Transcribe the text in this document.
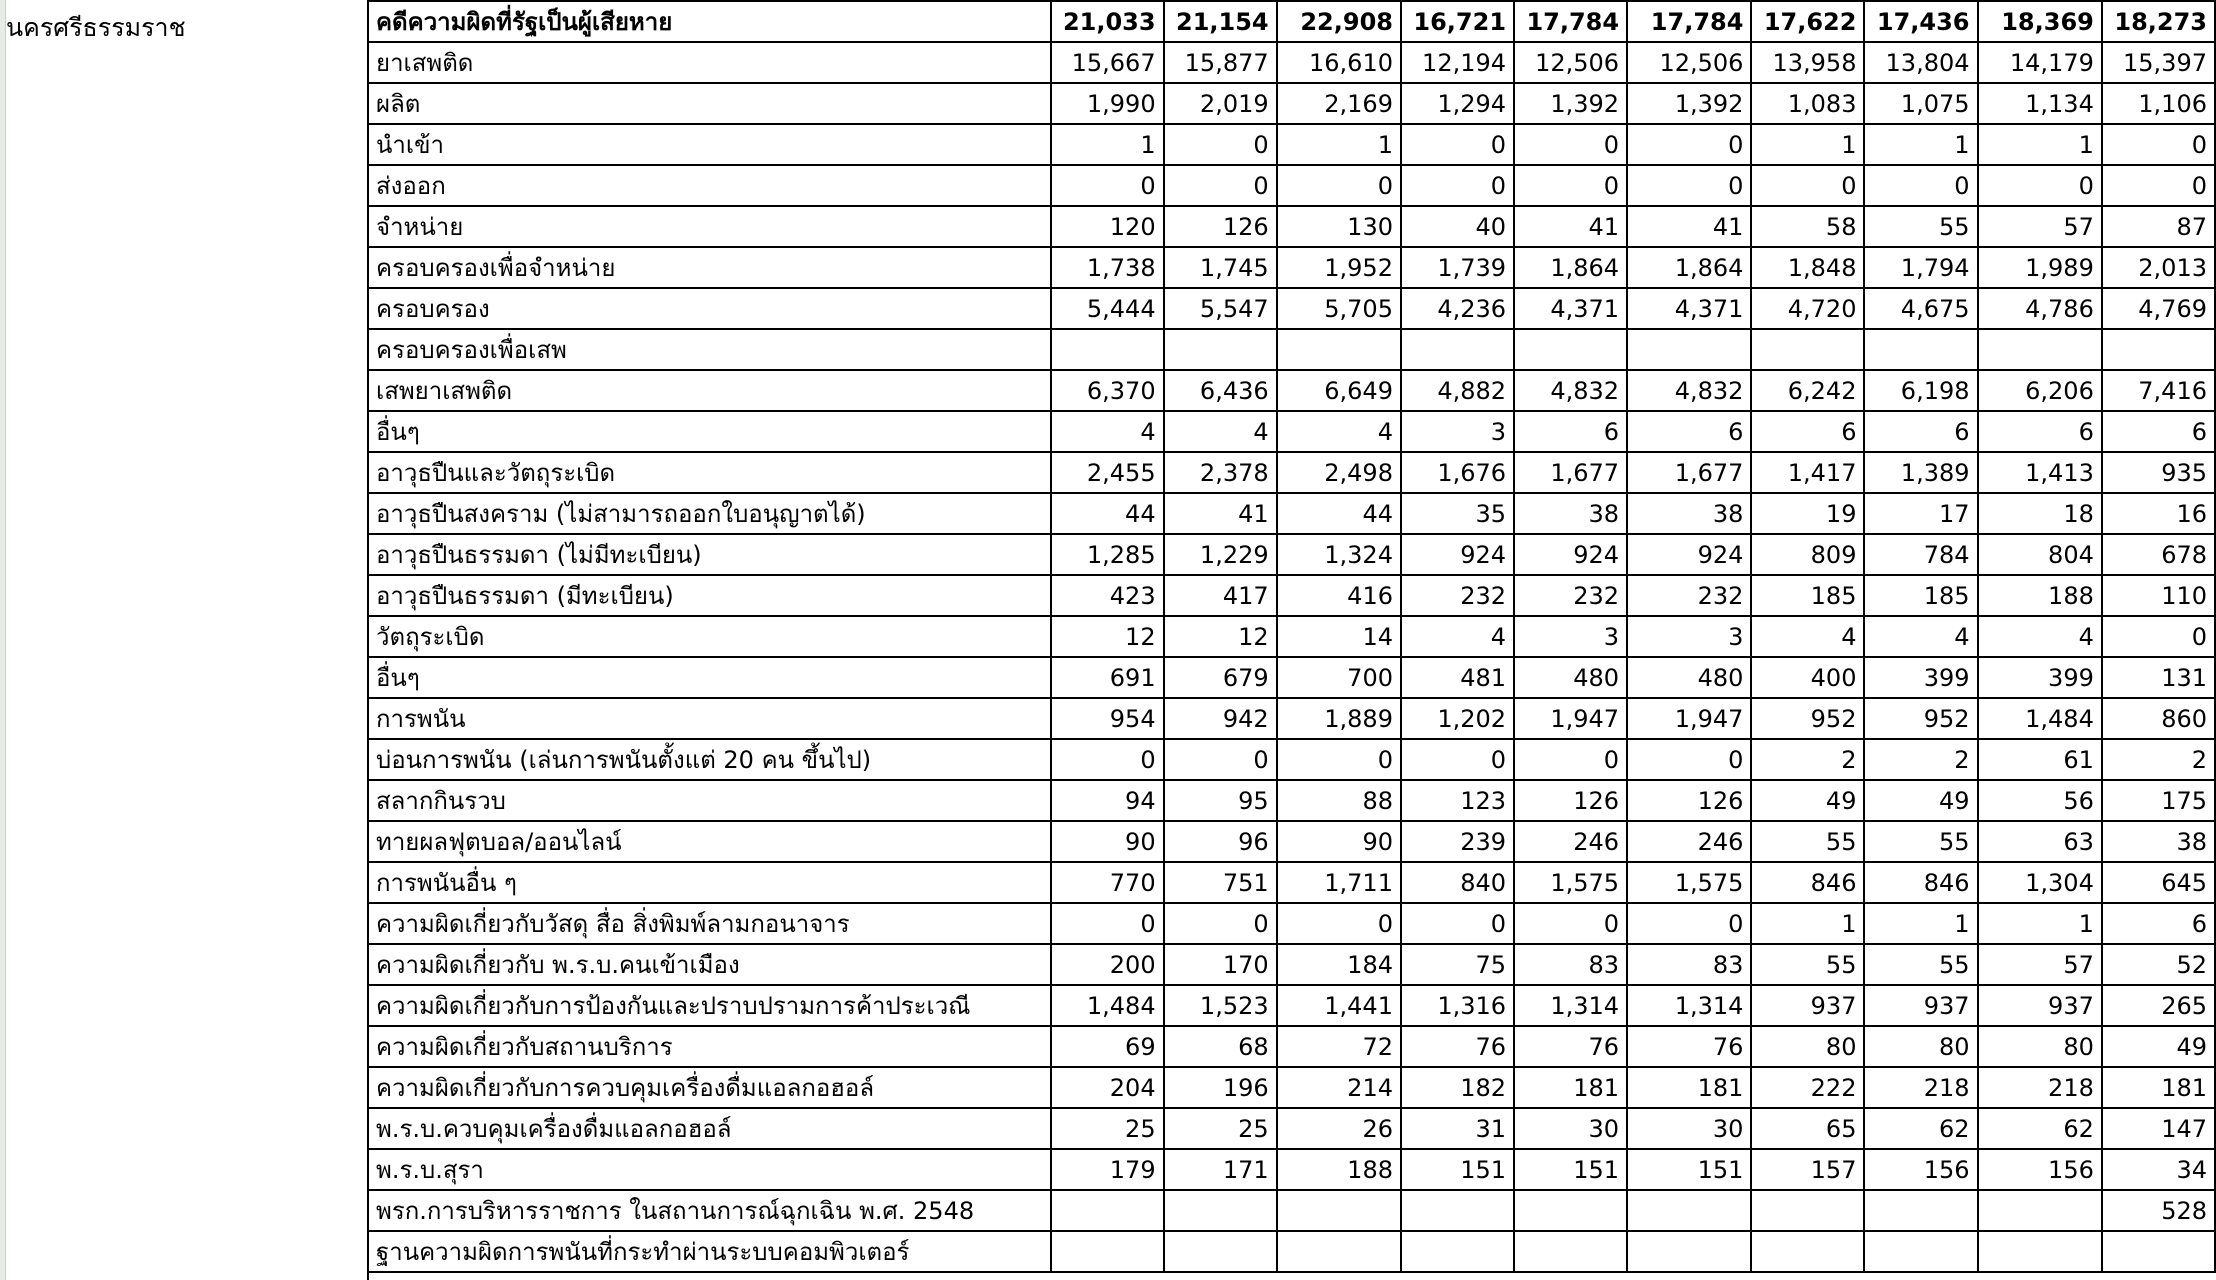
นครศรีธรรมราช	คดีความผิดที่รัฐเป็นผู้เสียหาย	21,033	21,154	22,908	16,721	17,784	17,784	17,622	17,436	18,369	18,273
ยาเสพติด	15,667	15,877	16,610	12,194	12,506	12,506	13,958	13,804	14,179	15,397
ผลิต	1,990	2,019	2,169	1,294	1,392	1,392	1,083	1,075	1,134	1,106
นำเข้า	1	0	1	0	0	0	1	1	1	0
ส่งออก	0	0	0	0	0	0	0	0	0	0
จำหน่าย	120	126	130	40	41	41	58	55	57	87
ครอบครองเพื่อจำหน่าย	1,738	1,745	1,952	1,739	1,864	1,864	1,848	1,794	1,989	2,013
ครอบครอง	5,444	5,547	5,705	4,236	4,371	4,371	4,720	4,675	4,786	4,769
ครอบครองเพื่อเสพ										
เสพยาเสพติด	6,370	6,436	6,649	4,882	4,832	4,832	6,242	6,198	6,206	7,416
อื่นๆ	4	4	4	3	6	6	6	6	6	6
อาวุธปืนและวัตถุระเบิด	2,455	2,378	2,498	1,676	1,677	1,677	1,417	1,389	1,413	935
อาวุธปืนสงคราม (ไม่สามารถออกใบอนุญาตได้)	44	41	44	35	38	38	19	17	18	16
อาวุธปืนธรรมดา (ไม่มีทะเบียน)	1,285	1,229	1,324	924	924	924	809	784	804	678
อาวุธปืนธรรมดา (มีทะเบียน)	423	417	416	232	232	232	185	185	188	110
วัตถุระเบิด	12	12	14	4	3	3	4	4	4	0
อื่นๆ	691	679	700	481	480	480	400	399	399	131
การพนัน	954	942	1,889	1,202	1,947	1,947	952	952	1,484	860
บ่อนการพนัน (เล่นการพนันตั้งแต่ 20 คน ขึ้นไป)	0	0	0	0	0	0	2	2	61	2
สลากกินรวบ	94	95	88	123	126	126	49	49	56	175
ทายผลฟุตบอล/ออนไลน์	90	96	90	239	246	246	55	55	63	38
การพนันอื่น ๆ	770	751	1,711	840	1,575	1,575	846	846	1,304	645
ความผิดเกี่ยวกับวัสดุ สื่อ สิ่งพิมพ์ลามกอนาจาร	0	0	0	0	0	0	1	1	1	6
ความผิดเกี่ยวกับ พ.ร.บ.คนเข้าเมือง	200	170	184	75	83	83	55	55	57	52
ความผิดเกี่ยวกับการป้องกันและปราบปรามการค้าประเวณี	1,484	1,523	1,441	1,316	1,314	1,314	937	937	937	265
ความผิดเกี่ยวกับสถานบริการ	69	68	72	76	76	76	80	80	80	49
ความผิดเกี่ยวกับการควบคุมเครื่องดื่มแอลกอฮอล์	204	196	214	182	181	181	222	218	218	181
พ.ร.บ.ควบคุมเครื่องดื่มแอลกอฮอล์	25	25	26	31	30	30	65	62	62	147
พ.ร.บ.สุรา	179	171	188	151	151	151	157	156	156	34
พรก.การบริหารราชการ ในสถานการณ์ฉุกเฉิน พ.ศ. 2548										528
ฐานความผิดการพนันที่กระทำผ่านระบบคอมพิวเตอร์										
